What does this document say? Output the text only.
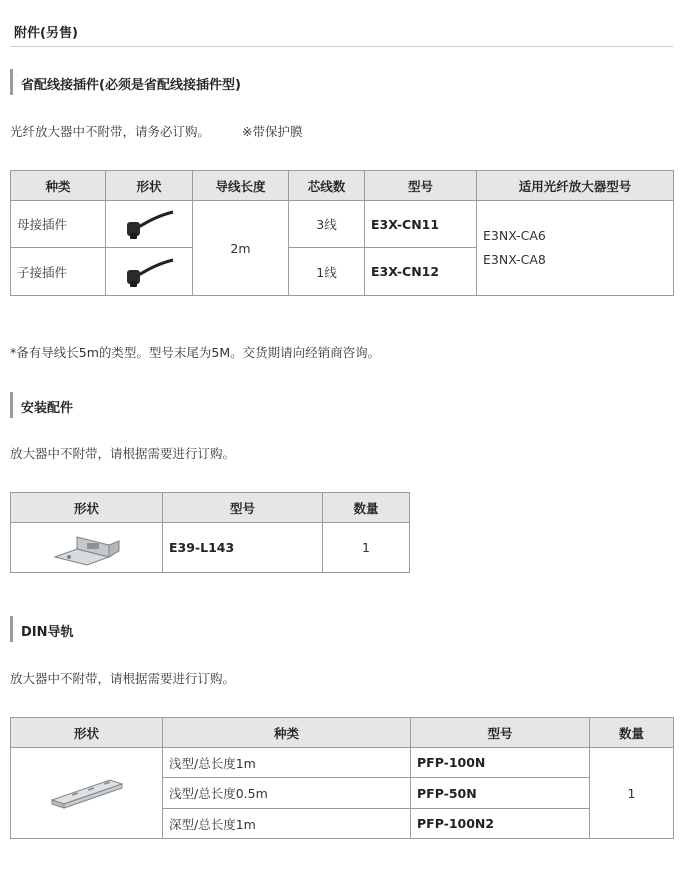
附件(另售)
省配线接插件(必须是省配线接插件型)
光纤放大器中不附带，请务必订购。	※带保护膜
种类	形状	导线长度	芯线数	型号	适用光纤放大器型号
母接插件		2m	3线	E3X-CN11	E3NX-CA6
E3NX-CA8

子接插件			1线	E3X-CN12	
*备有导线长5m的类型。型号末尾为5M。交货期请向经销商咨询。
安装配件
放大器中不附带，请根据需要进行订购。
形状	型号	数量

	E39-L143	1
DIN导轨
放大器中不附带，请根据需要进行订购。
形状	种类	型号	数量

	浅型/总长度1m	PFP-100N	1
	浅型/总长度0.5m	PFP-50N	
	深型/总长度1m	PFP-100N2	
